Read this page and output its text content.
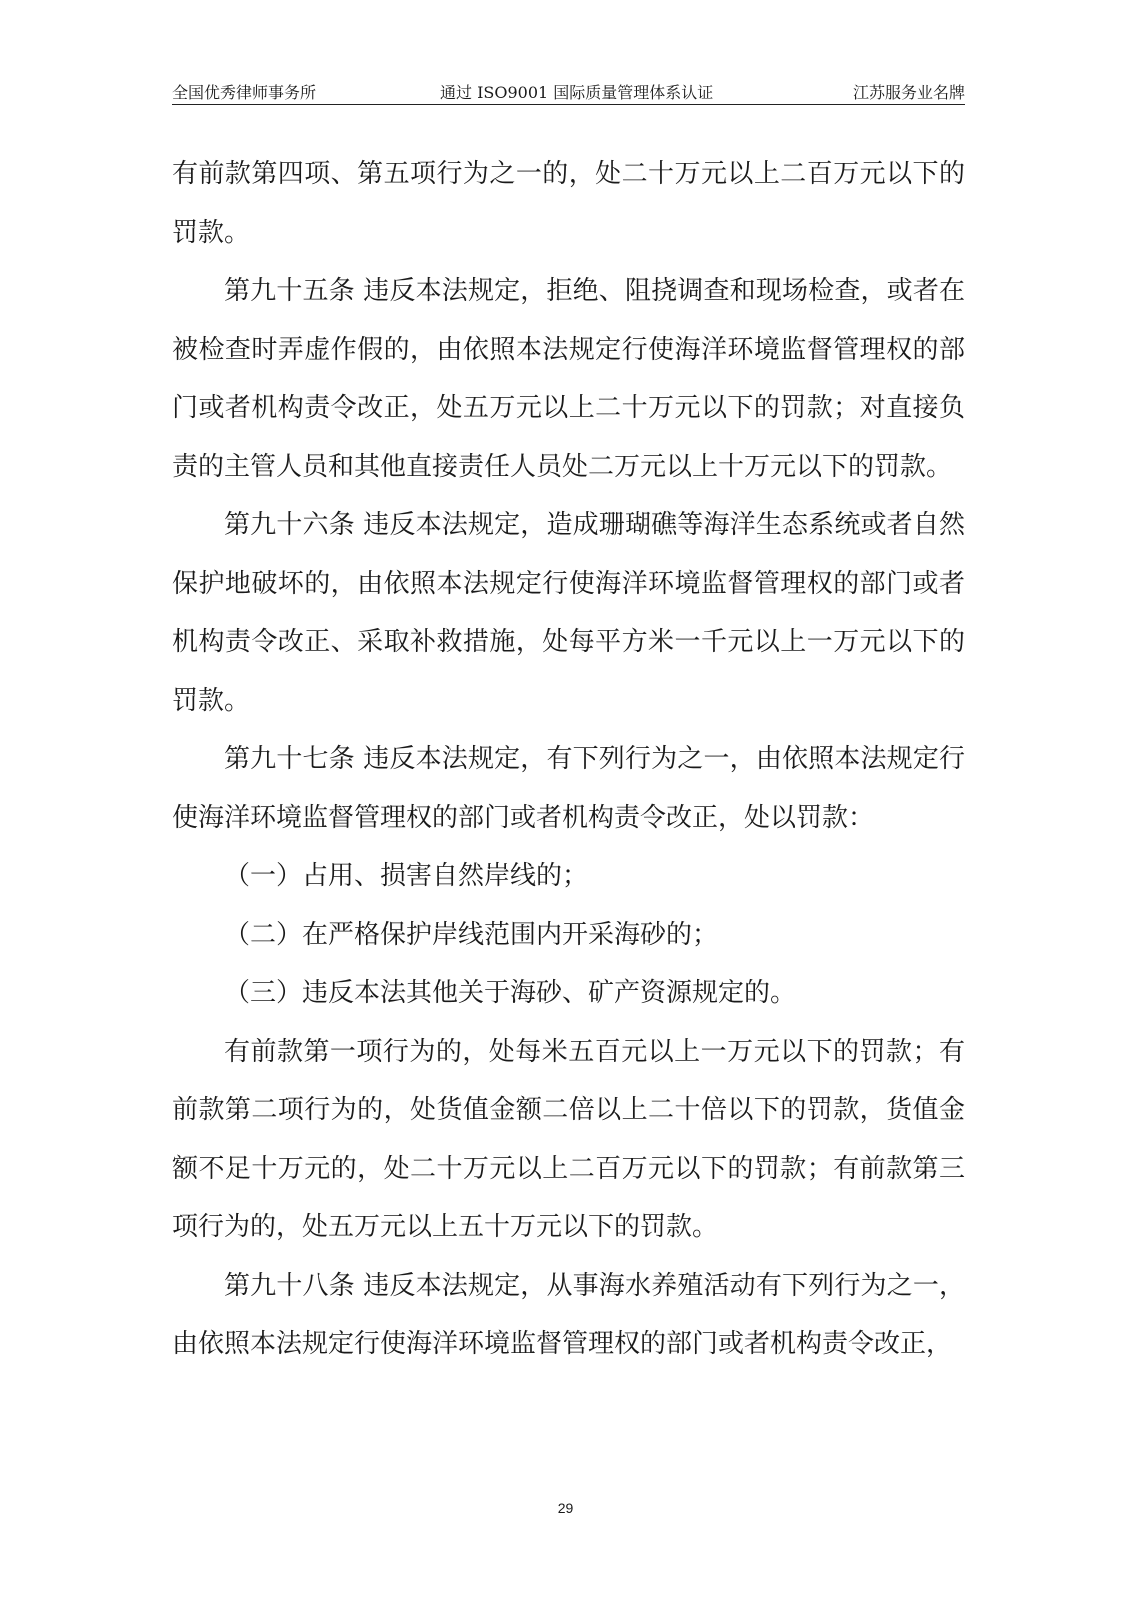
全国优秀律师事务所	通过 ISO9001 国际质量管理体系认证	江苏服务业名牌

有前款第四项、第五项行为之一的，处二十万元以上二百万元以下的罚款。

第九十五条 违反本法规定，拒绝、阻挠调查和现场检查，或者在被检查时弄虚作假的，由依照本法规定行使海洋环境监督管理权的部门或者机构责令改正，处五万元以上二十万元以下的罚款；对直接负责的主管人员和其他直接责任人员处二万元以上十万元以下的罚款。

第九十六条 违反本法规定，造成珊瑚礁等海洋生态系统或者自然保护地破坏的，由依照本法规定行使海洋环境监督管理权的部门或者机构责令改正、采取补救措施，处每平方米一千元以上一万元以下的罚款。

第九十七条 违反本法规定，有下列行为之一，由依照本法规定行使海洋环境监督管理权的部门或者机构责令改正，处以罚款：

（一）占用、损害自然岸线的；

（二）在严格保护岸线范围内开采海砂的；

（三）违反本法其他关于海砂、矿产资源规定的。

有前款第一项行为的，处每米五百元以上一万元以下的罚款；有前款第二项行为的，处货值金额二倍以上二十倍以下的罚款，货值金额不足十万元的，处二十万元以上二百万元以下的罚款；有前款第三项行为的，处五万元以上五十万元以下的罚款。

第九十八条 违反本法规定，从事海水养殖活动有下列行为之一，由依照本法规定行使海洋环境监督管理权的部门或者机构责令改正，

29
